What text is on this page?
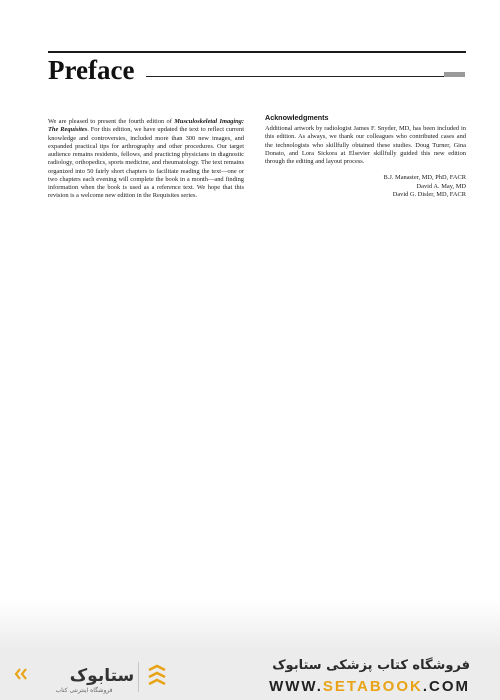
Preface

We are pleased to present the fourth edition of Musculoskeletal Imaging: The Requisites. For this edition, we have updated the text to reflect current knowledge and controversies, included more than 300 new images, and expanded practical tips for arthrography and other procedures. Our target audience remains residents, fellows, and practicing physicians in diagnostic radiology, orthopedics, sports medicine, and rheumatology. The text remains organized into 50 fairly short chapters to facilitate reading the text—one or two chapters each evening will complete the book in a month—and finding information when the book is used as a reference text. We hope that this revision is a welcome new edition in the Requisites series.

Acknowledgments

Additional artwork by radiologist James F. Snyder, MD, has been included in this edition. As always, we thank our colleagues who contributed cases and the technologists who skillfully obtained these studies. Doug Turner, Gina Donato, and Lora Sickora at Elsevier skillfully guided this new edition through the editing and layout process.

B.J. Manaster, MD, PhD, FACR
David A. May, MD
David G. Disler, MD, FACR
ستابوک
فروشگاه اینترنتی کتاب
فروشگاه کتاب پزشکی ستابوک
WWW.SETABOOK.COM
